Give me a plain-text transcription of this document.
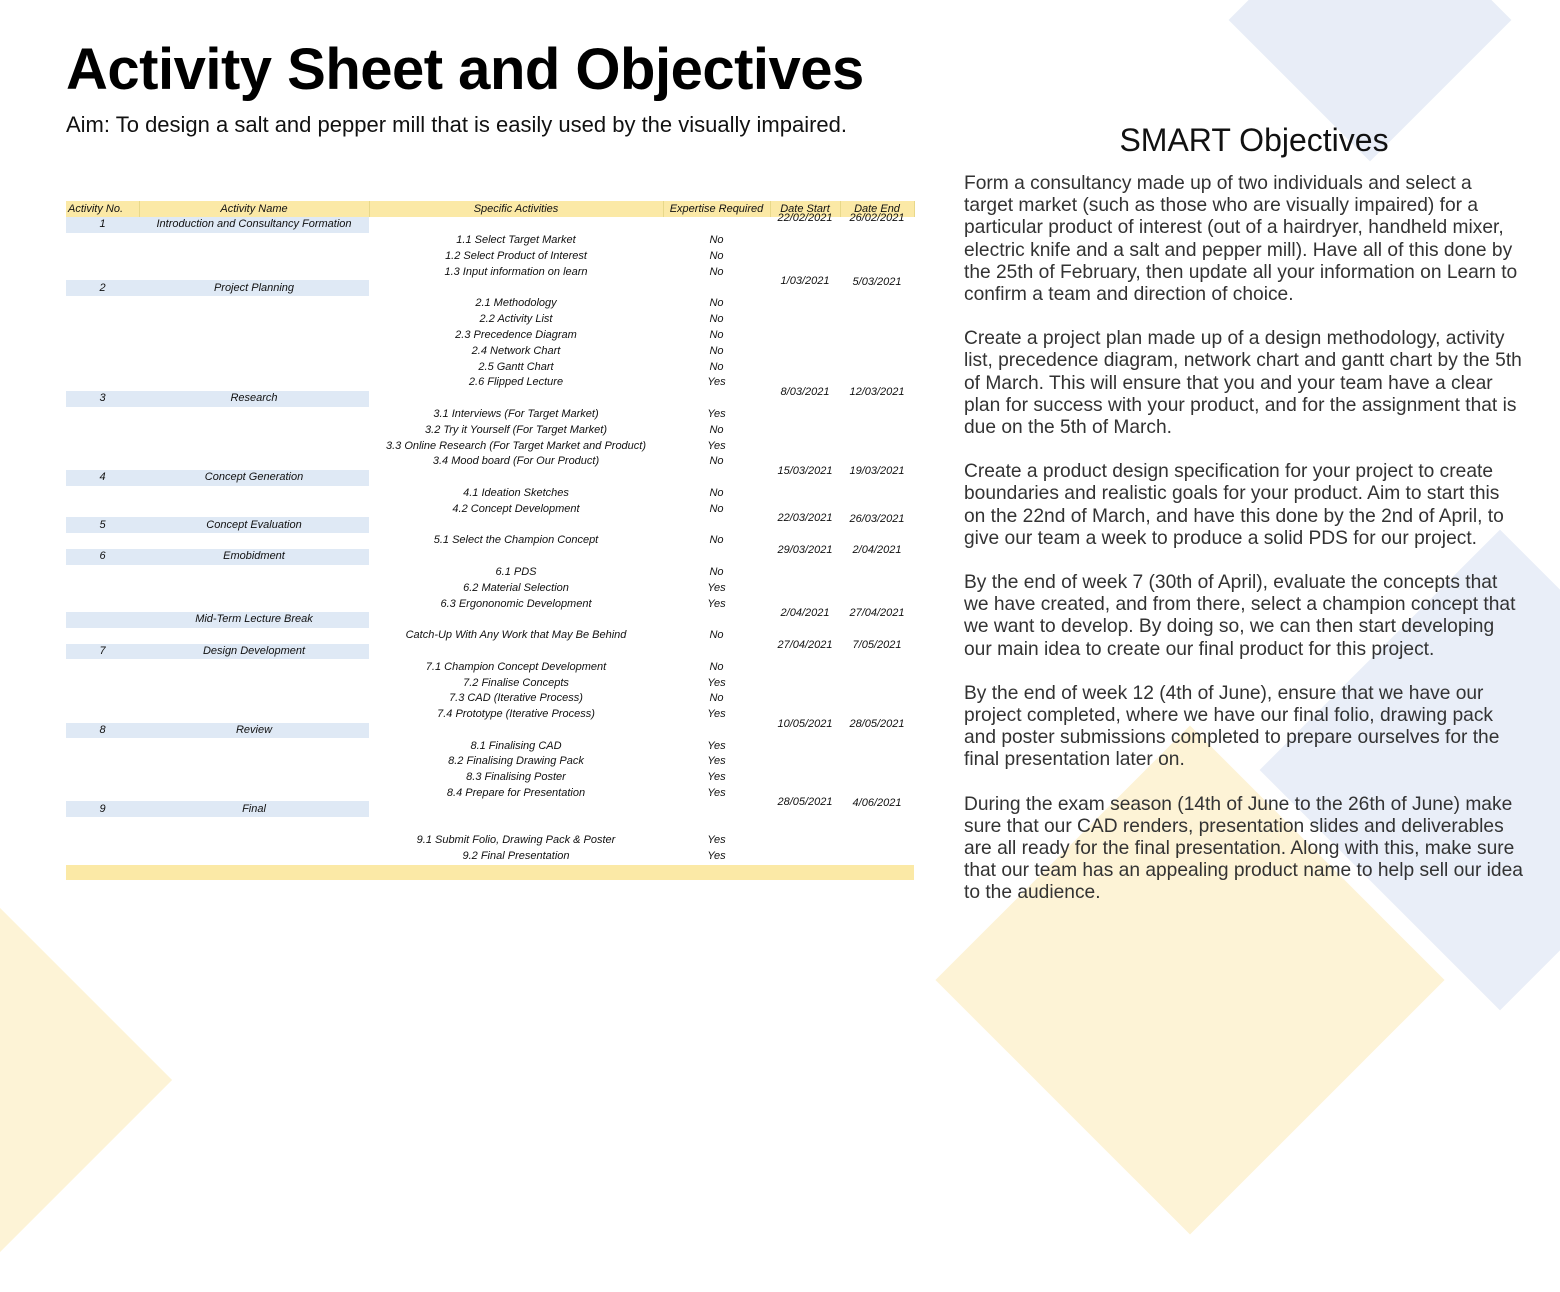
Activity Sheet and Objectives

Aim: To design a salt and pepper mill that is easily used by the visually impaired.

Activity No.	Activity Name	Specific Activities	Expertise Required	Date Start	Date End
1	Introduction and Consultancy Formation			22/02/2021	26/02/2021
		1.1 Select Target Market	No		
		1.2 Select Product of Interest	No		
		1.3 Input information on learn	No		
2	Project Planning			1/03/2021	5/03/2021
		2.1 Methodology	No		
		2.2 Activity List	No		
		2.3 Precedence Diagram	No		
		2.4 Network Chart	No		
		2.5 Gantt Chart	No		
		2.6 Flipped Lecture	Yes		
3	Research			8/03/2021	12/03/2021
		3.1 Interviews (For Target Market)	Yes		
		3.2 Try it Yourself (For Target Market)	No		
		3.3 Online Research (For Target Market and Product)	Yes		
		3.4 Mood board (For Our Product)	No		
4	Concept Generation			15/03/2021	19/03/2021
		4.1 Ideation Sketches	No		
		4.2 Concept Development	No		
5	Concept Evaluation			22/03/2021	26/03/2021
		5.1 Select the Champion Concept	No		
6	Emobidment			29/03/2021	2/04/2021
		6.1 PDS	No		
		6.2 Material Selection	Yes		
		6.3 Ergononomic Development	Yes		
	Mid-Term Lecture Break			2/04/2021	27/04/2021
		Catch-Up With Any Work that May Be Behind	No		
7	Design Development			27/04/2021	7/05/2021
		7.1 Champion Concept Development	No		
		7.2 Finalise Concepts	Yes		
		7.3 CAD (Iterative Process)	No		
		7.4 Prototype (Iterative Process)	Yes		
8	Review			10/05/2021	28/05/2021
		8.1 Finalising CAD	Yes		
		8.2 Finalising Drawing Pack	Yes		
		8.3 Finalising Poster	Yes		
		8.4 Prepare for Presentation	Yes		
9	Final			28/05/2021	4/06/2021

		9.1 Submit Folio, Drawing Pack & Poster	Yes		
		9.2 Final Presentation	Yes		
SMART Objectives

Form a consultancy made up of two individuals and select a target market (such as those who are visually impaired) for a particular product of interest (out of a hairdryer, handheld mixer, electric knife and a salt and pepper mill). Have all of this done by the 25th of February, then update all your information on Learn to confirm a team and direction of choice.

Create a project plan made up of a design methodology, activity list, precedence diagram, network chart and gantt chart by the 5th of March. This will ensure that you and your team have a clear plan for success with your product, and for the assignment that is due on the 5th of March.

Create a product design specification for your project to create boundaries and realistic goals for your product. Aim to start this on the 22nd of March, and have this done by the 2nd of April, to give our team a week to produce a solid PDS for our project.

By the end of week 7 (30th of April), evaluate the concepts that we have created, and from there, select a champion concept that we want to develop. By doing so, we can then start developing our main idea to create our final product for this project.

By the end of week 12 (4th of June), ensure that we have our project completed, where we have our final folio, drawing pack and poster submissions completed to prepare ourselves for the final presentation later on.

During the exam season (14th of June to the 26th of June) make sure that our CAD renders, presentation slides and deliverables are all ready for the final presentation. Along with this, make sure that our team has an appealing product name to help sell our idea to the audience.
